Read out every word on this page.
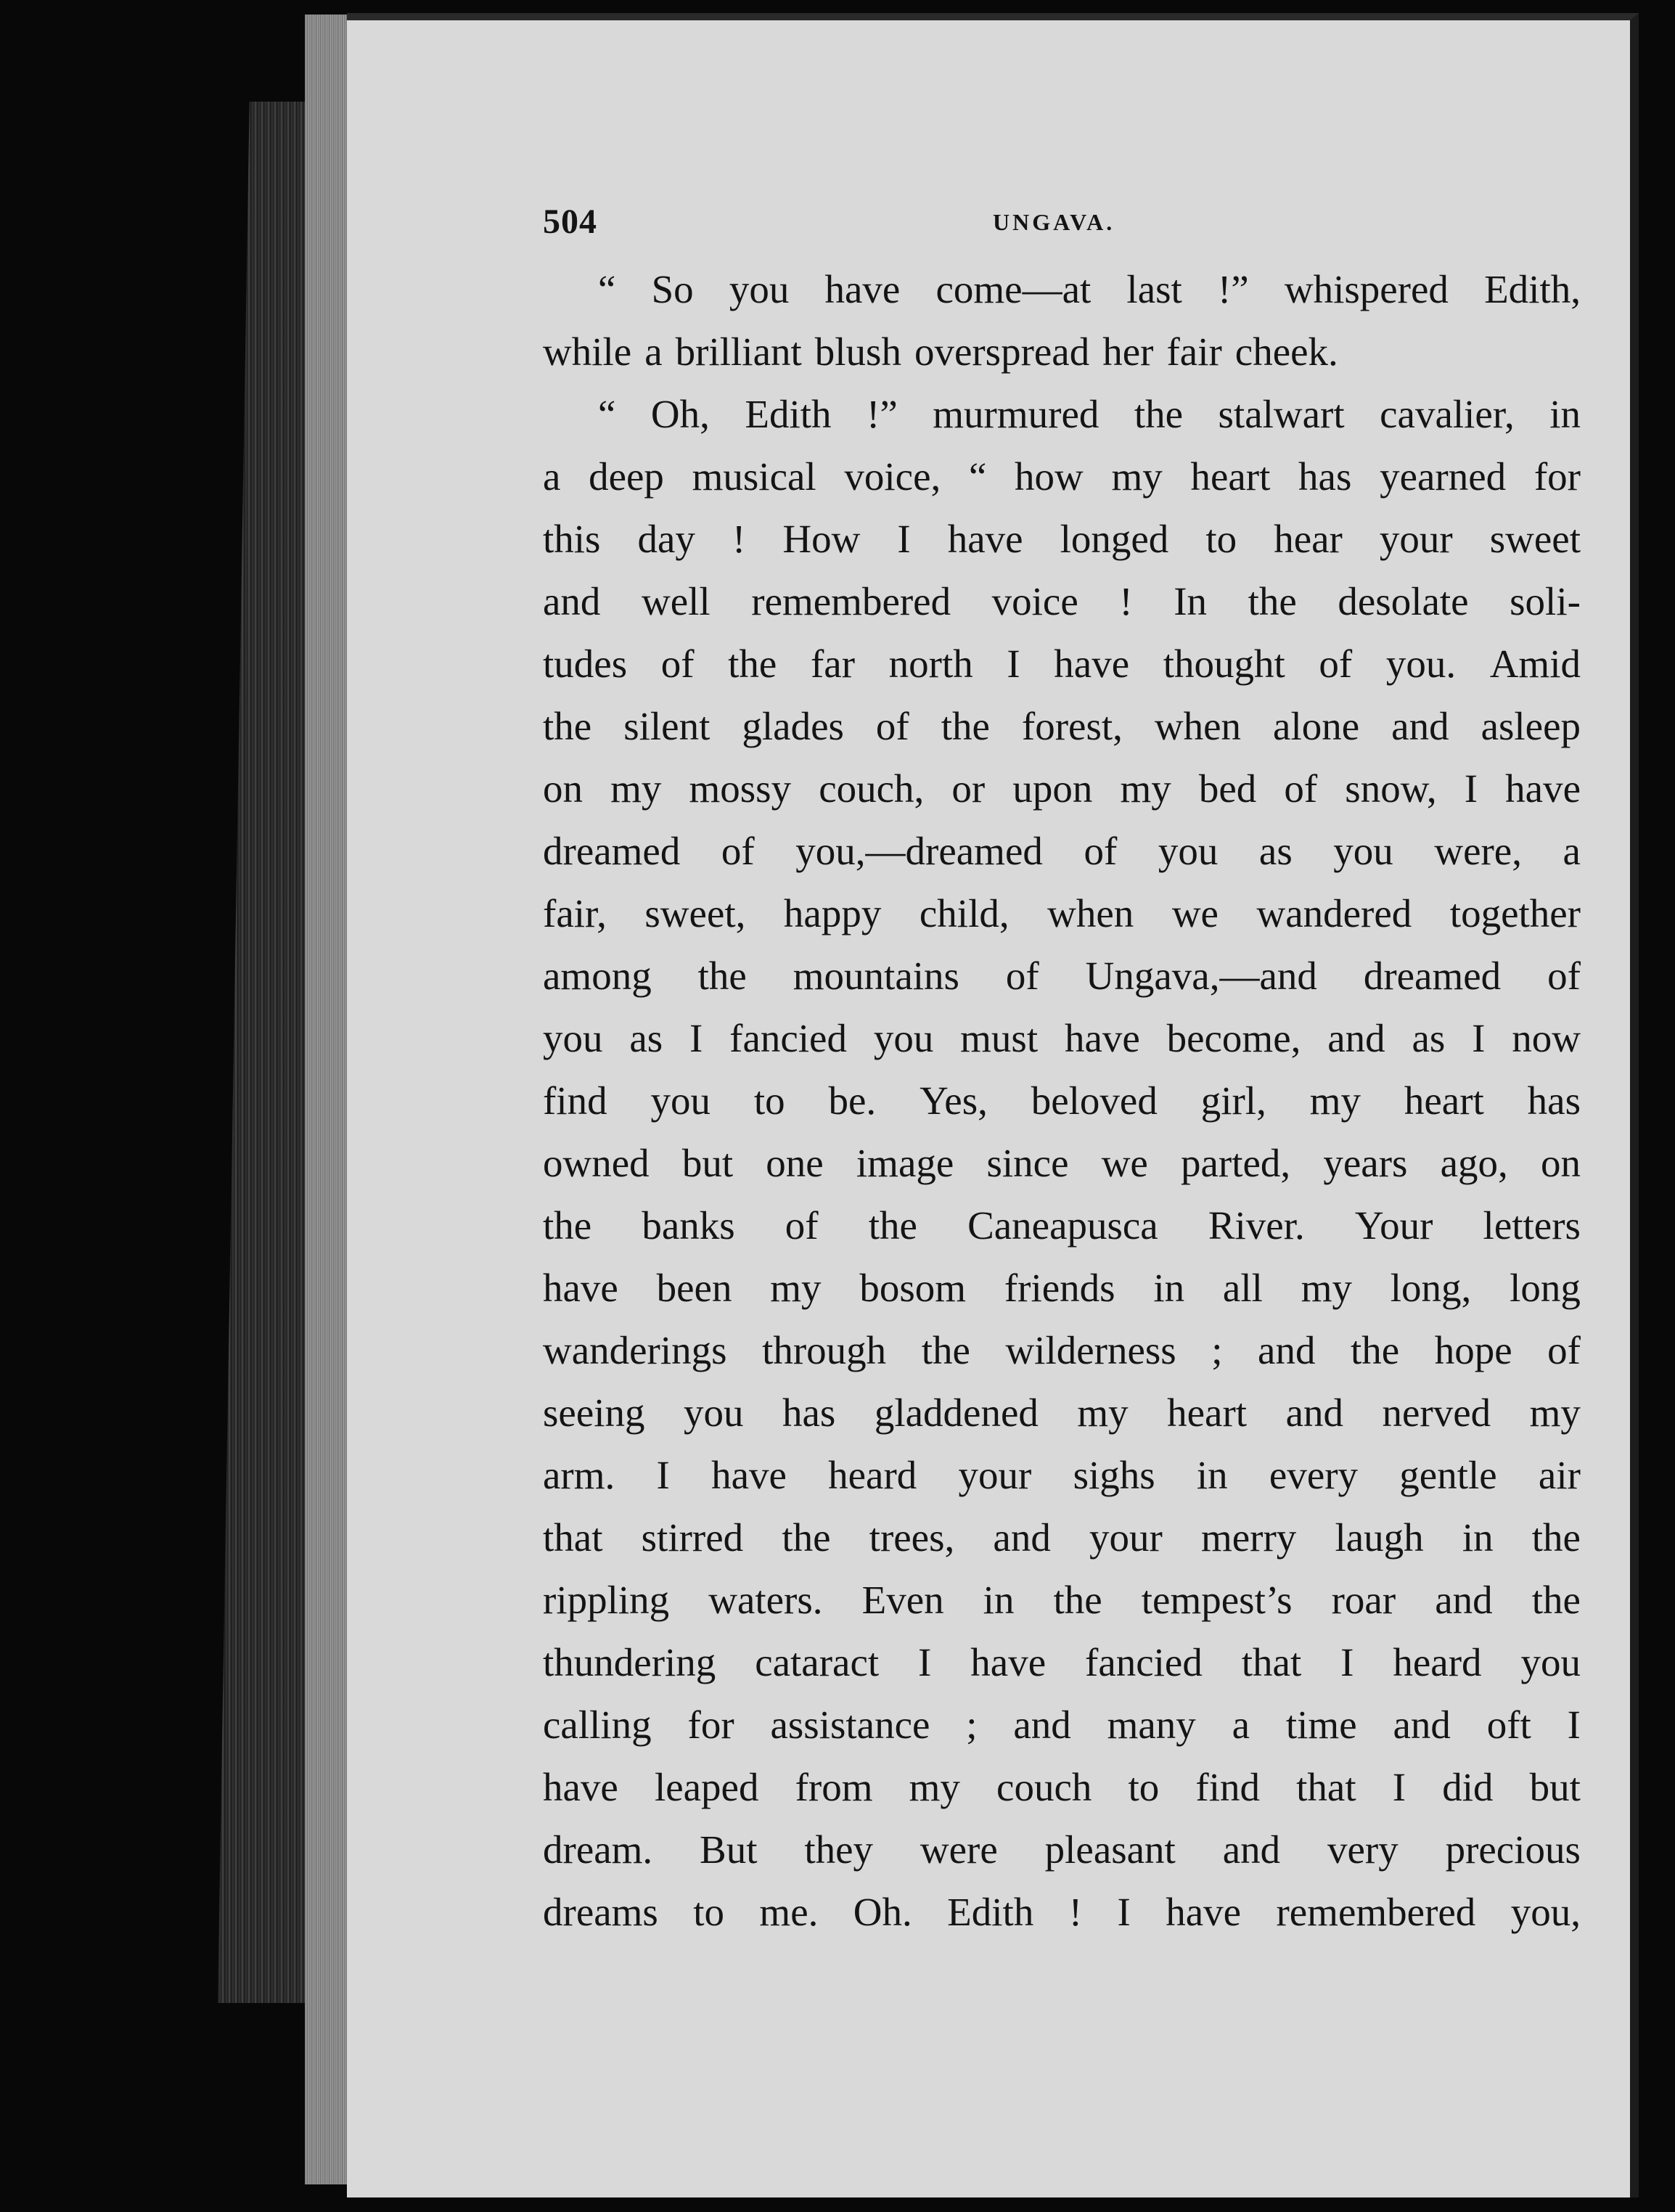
504	UNGAVA.
“ So you have come—at last !” whispered Edith,
while a brilliant blush overspread her fair cheek.
“ Oh, Edith !” murmured the stalwart cavalier, in
a deep musical voice, “ how my heart has yearned for
this day ! How I have longed to hear your sweet
and well remembered voice ! In the desolate soli-
tudes of the far north I have thought of you. Amid
the silent glades of the forest, when alone and asleep
on my mossy couch, or upon my bed of snow, I have
dreamed of you,—dreamed of you as you were, a
fair, sweet, happy child, when we wandered together
among the mountains of Ungava,—and dreamed of
you as I fancied you must have become, and as I now
find you to be. Yes, beloved girl, my heart has
owned but one image since we parted, years ago, on
the banks of the Caneapusca River. Your letters
have been my bosom friends in all my long, long
wanderings through the wilderness ; and the hope of
seeing you has gladdened my heart and nerved my
arm. I have heard your sighs in every gentle air
that stirred the trees, and your merry laugh in the
rippling waters. Even in the tempest’s roar and the
thundering cataract I have fancied that I heard you
calling for assistance ; and many a time and oft I
have leaped from my couch to find that I did but
dream. But they were pleasant and very precious
dreams to me. Oh. Edith ! I have remembered you,
